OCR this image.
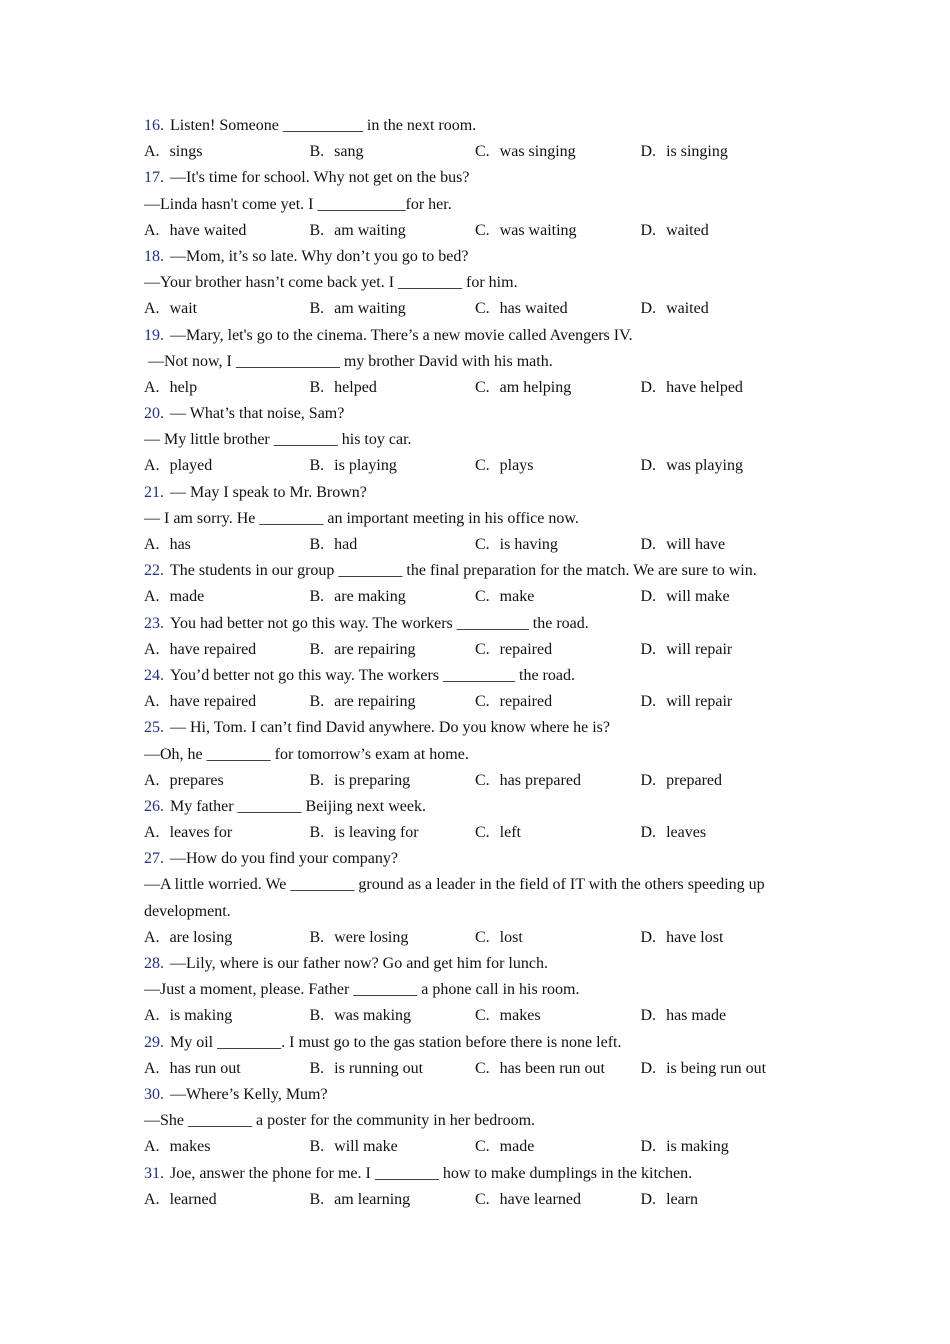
16. Listen! Someone __________ in the next room.
A. sings	B. sang	C. was singing	D. is singing
17. —It's time for school. Why not get on the bus?
—Linda hasn't come yet. I ___________for her.
A. have waited	B. am waiting	C. was waiting	D. waited
18. —Mom, it’s so late. Why don’t you go to bed?
—Your brother hasn’t come back yet. I ________ for him.
A. wait	B. am waiting	C. has waited	D. waited
19. —Mary, let's go to the cinema. There’s a new movie called Avengers IV.
—Not now, I _____________ my brother David with his math.
A. help	B. helped	C. am helping	D. have helped
20. — What’s that noise, Sam?
— My little brother ________ his toy car.
A. played	B. is playing	C. plays	D. was playing
21. — May I speak to Mr. Brown?
— I am sorry. He ________ an important meeting in his office now.
A. has	B. had	C. is having	D. will have
22. The students in our group ________ the final preparation for the match. We are sure to win.
A. made	B. are making	C. make	D. will make
23. You had better not go this way. The workers _________ the road.
A. have repaired	B. are repairing	C. repaired	D. will repair
24. You’d better not go this way. The workers _________ the road.
A. have repaired	B. are repairing	C. repaired	D. will repair
25. — Hi, Tom. I can’t find David anywhere. Do you know where he is?
—Oh, he ________ for tomorrow’s exam at home.
A. prepares	B. is preparing	C. has prepared	D. prepared
26. My father ________ Beijing next week.
A. leaves for	B. is leaving for	C. left	D. leaves
27. —How do you find your company?
—A little worried. We ________ ground as a leader in the field of IT with the others speeding up development.
A. are losing	B. were losing	C. lost	D. have lost
28. —Lily, where is our father now? Go and get him for lunch.
—Just a moment, please. Father ________ a phone call in his room.
A. is making	B. was making	C. makes	D. has made
29. My oil ________. I must go to the gas station before there is none left.
A. has run out	B. is running out	C. has been run out	D. is being run out
30. —Where’s Kelly, Mum?
—She ________ a poster for the community in her bedroom.
A. makes	B. will make	C. made	D. is making
31. Joe, answer the phone for me. I ________ how to make dumplings in the kitchen.
A. learned	B. am learning	C. have learned	D. learn
